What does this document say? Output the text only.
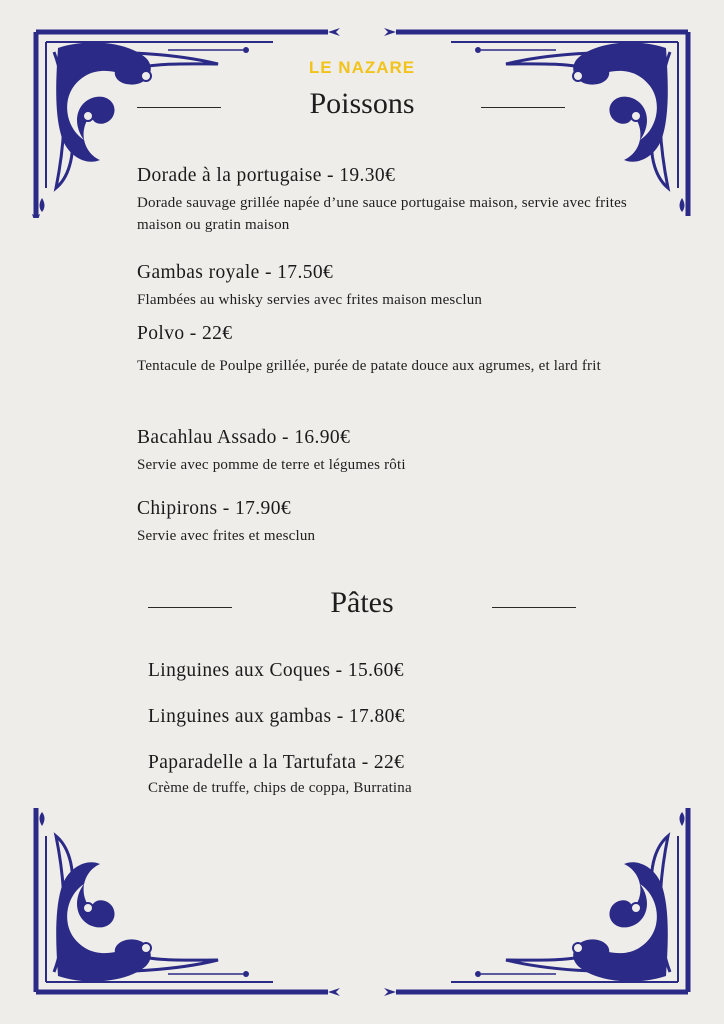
LE NAZARE
Poissons
Dorade à la portugaise - 19.30€
Dorade sauvage grillée napée d’une sauce portugaise maison, servie avec frites maison ou gratin maison
Gambas royale - 17.50€
Flambées au whisky servies avec frites maison mesclun
Polvo - 22€
Tentacule de Poulpe grillée, purée de patate douce aux agrumes, et lard frit
Bacahlau Assado - 16.90€
Servie avec pomme de terre et légumes rôti
Chipirons - 17.90€
Servie avec frites et mesclun
Pâtes
Linguines aux Coques - 15.60€
Linguines aux gambas - 17.80€
Paparadelle a la Tartufata - 22€
Crème de truffe, chips de coppa, Burratina
